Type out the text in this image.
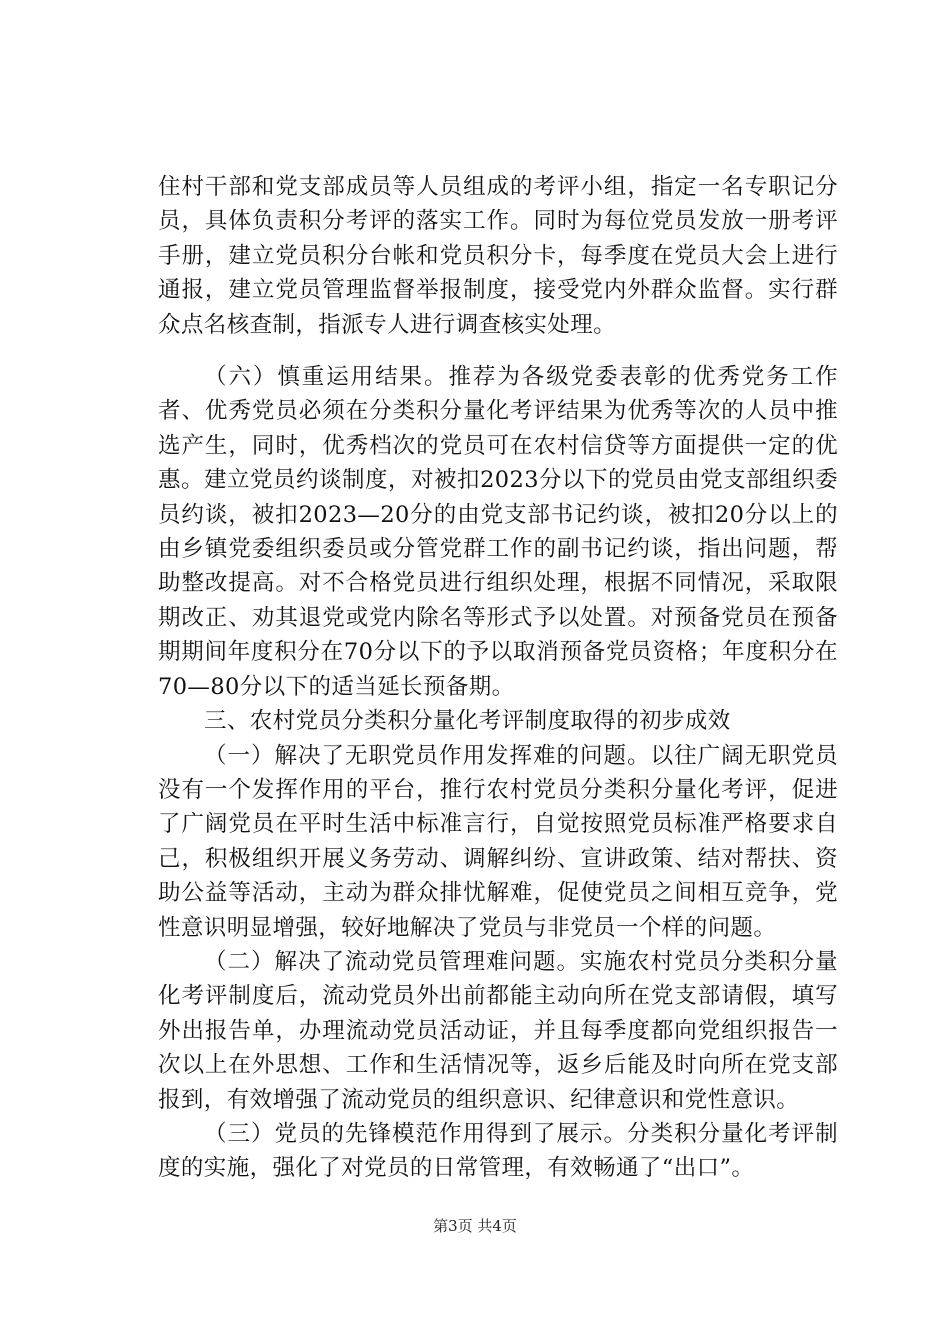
住村干部和党支部成员等人员组成的考评小组，指定一名专职记分员，具体负责积分考评的落实工作。同时为每位党员发放一册考评手册，建立党员积分台帐和党员积分卡，每季度在党员大会上进行通报，建立党员管理监督举报制度，接受党内外群众监督。实行群众点名核查制，指派专人进行调查核实处理。

（六）慎重运用结果。推荐为各级党委表彰的优秀党务工作者、优秀党员必须在分类积分量化考评结果为优秀等次的人员中推选产生，同时，优秀档次的党员可在农村信贷等方面提供一定的优惠。建立党员约谈制度，对被扣2023分以下的党员由党支部组织委员约谈，被扣2023—20分的由党支部书记约谈，被扣20分以上的由乡镇党委组织委员或分管党群工作的副书记约谈，指出问题，帮助整改提高。对不合格党员进行组织处理，根据不同情况，采取限期改正、劝其退党或党内除名等形式予以处置。对预备党员在预备期期间年度积分在70分以下的予以取消预备党员资格；年度积分在70—80分以下的适当延长预备期。

三、农村党员分类积分量化考评制度取得的初步成效

（一）解决了无职党员作用发挥难的问题。以往广阔无职党员没有一个发挥作用的平台，推行农村党员分类积分量化考评，促进了广阔党员在平时生活中标准言行，自觉按照党员标准严格要求自己，积极组织开展义务劳动、调解纠纷、宣讲政策、结对帮扶、资助公益等活动，主动为群众排忧解难，促使党员之间相互竞争，党性意识明显增强，较好地解决了党员与非党员一个样的问题。

（二）解决了流动党员管理难问题。实施农村党员分类积分量化考评制度后，流动党员外出前都能主动向所在党支部请假，填写外出报告单，办理流动党员活动证，并且每季度都向党组织报告一次以上在外思想、工作和生活情况等，返乡后能及时向所在党支部报到，有效增强了流动党员的组织意识、纪律意识和党性意识。

（三）党员的先锋模范作用得到了展示。分类积分量化考评制度的实施，强化了对党员的日常管理，有效畅通了“出口”。

第3页 共4页
